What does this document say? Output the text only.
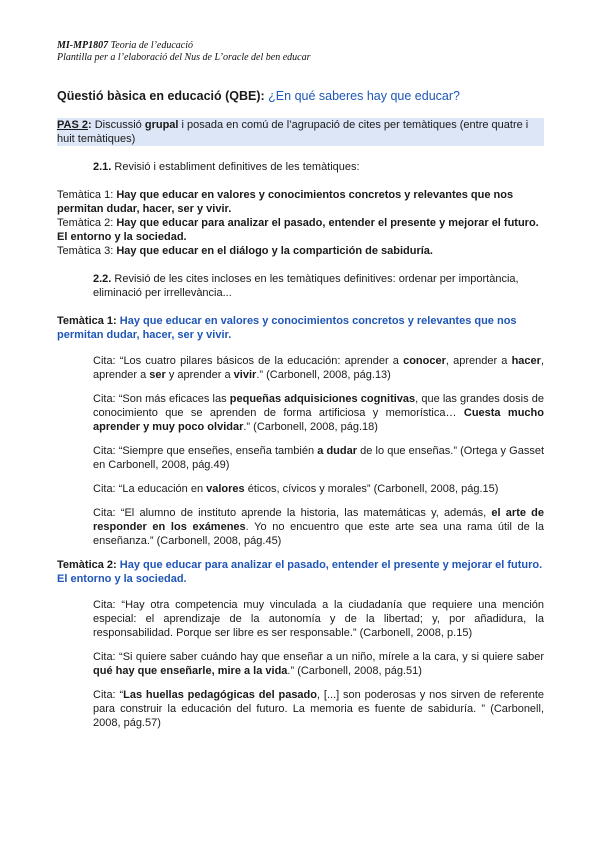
MI-MP1807 Teoria de l’educació
Plantilla per a l’elaboració del Nus de L’oracle del ben educar
Qüestió bàsica en educació (QBE): ¿En qué saberes hay que educar?
PAS 2: Discussió grupal i posada en comú de l’agrupació de cites per temàtiques (entre quatre i huit temàtiques)
2.1. Revisió i establiment definitives de les temàtiques:
Temàtica 1: Hay que educar en valores y conocimientos concretos y relevantes que nos permitan dudar, hacer, ser y vivir.
Temàtica 2: Hay que educar para analizar el pasado, entender el presente y mejorar el futuro. El entorno y la sociedad.
Temàtica 3: Hay que educar en el diálogo y la compartición de sabiduría.
2.2. Revisió de les cites incloses en les temàtiques definitives: ordenar per importància, eliminació per irrellevància...
Temàtica 1: Hay que educar en valores y conocimientos concretos y relevantes que nos permitan dudar, hacer, ser y vivir.
Cita: “Los cuatro pilares básicos de la educación: aprender a conocer, aprender a hacer, aprender a ser y aprender a vivir.” (Carbonell, 2008, pág.13)
Cita: “Son más eficaces las pequeñas adquisiciones cognitivas, que las grandes dosis de conocimiento que se aprenden de forma artificiosa y memorística… Cuesta mucho aprender y muy poco olvidar.” (Carbonell, 2008, pág.18)
Cita: “Siempre que enseñes, enseña también a dudar de lo que enseñas.” (Ortega y Gasset en Carbonell, 2008, pág.49)
Cita: “La educación en valores éticos, cívicos y morales” (Carbonell, 2008, pág.15)
Cita: “El alumno de instituto aprende la historia, las matemáticas y, además, el arte de responder en los exámenes. Yo no encuentro que este arte sea una rama útil de la enseñanza.” (Carbonell, 2008, pág.45)
Temàtica 2: Hay que educar para analizar el pasado, entender el presente y mejorar el futuro. El entorno y la sociedad.
Cita: “Hay otra competencia muy vinculada a la ciudadanía que requiere una mención especial: el aprendizaje de la autonomía y de la libertad; y, por añadidura, la responsabilidad. Porque ser libre es ser responsable.” (Carbonell, 2008, p.15)
Cita: “Si quiere saber cuándo hay que enseñar a un niño, mírele a la cara, y si quiere saber qué hay que enseñarle, mire a la vida.” (Carbonell, 2008, pág.51)
Cita: “Las huellas pedagógicas del pasado, [...] son poderosas y nos sirven de referente para construir la educación del futuro. La memoria es fuente de sabiduría. ” (Carbonell, 2008, pág.57)
